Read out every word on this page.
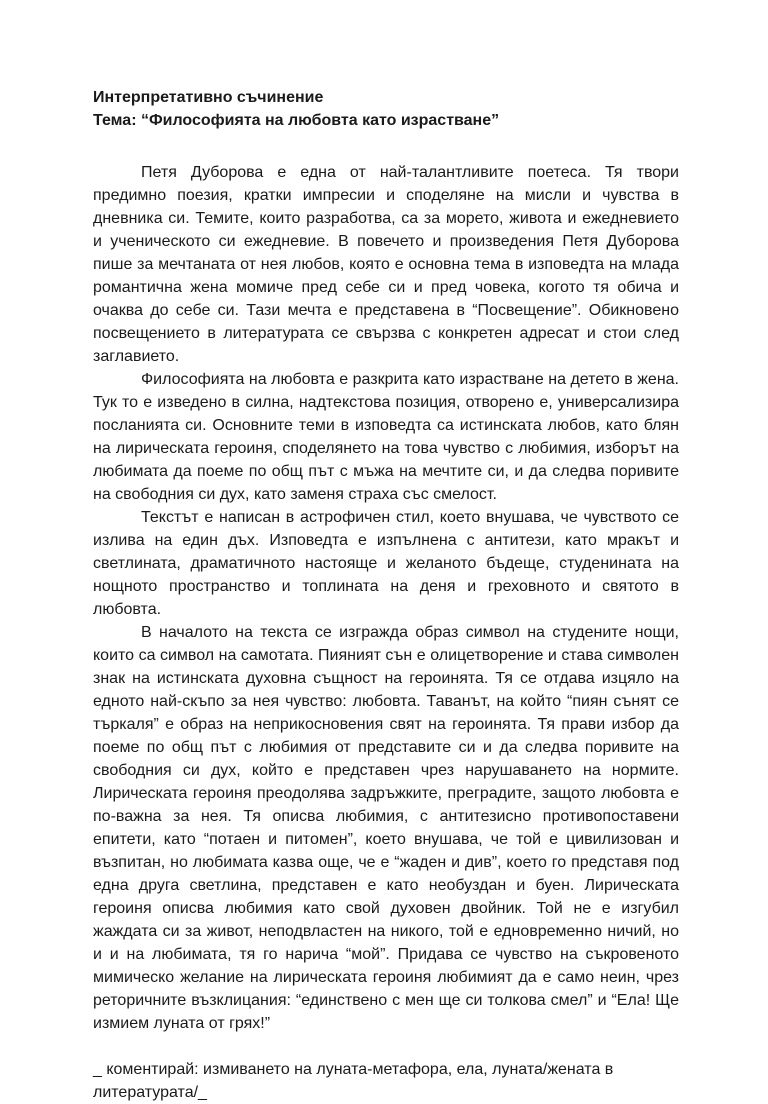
Интерпретативно съчинение

Тема: “Философията на любовта като израстване”

Петя Дуборова е една от най-талантливите поетеса. Тя твори предимно поезия, кратки импресии и споделяне на мисли и чувства в дневника си. Темите, които разработва, са за морето, живота и ежедневието и ученическото си ежедневие. В повечето и произведения Петя Дуборова пише за мечтаната от нея любов, която е основна тема в изповедта на млада романтична жена момиче пред себе си и пред човека, когото тя обича и очаква до себе си. Тази мечта е представена в “Посвещение”. Обикновено посвещението в литературата се свързва с конкретен адресат и стои след заглавието.

Философията на любовта е разкрита като израстване на детето в жена. Тук то е изведено в силна, надтекстова позиция, отворено е, универсализира посланията си. Основните теми в изповедта са истинската любов, като блян на лирическата героиня, споделянето на това чувство с любимия, изборът на любимата да поеме по общ път с мъжа на мечтите си, и да следва поривите на свободния си дух, като заменя страха със смелост.

Текстът е написан в астрофичен стил, което внушава, че чувството се излива на един дъх. Изповедта е изпълнена с антитези, като мракът и светлината, драматичното настояще и желаното бъдеще, студенината на нощното пространство и топлината на деня и греховното и святото в любовта.

В началото на текста се изгражда образ символ на студените нощи, които са символ на самотата. Пияният сън е олицетворение и става символен знак на истинската духовна същност на героинята. Тя се отдава изцяло на едното най-скъпо за нея чувство: любовта. Таванът, на който “пиян сънят се търкаля” е образ на неприкосновения свят на героинята. Тя прави избор да поеме по общ път с любимия от представите си и да следва поривите на свободния си дух, който е представен чрез нарушаването на нормите. Лирическата героиня преодолява задръжките, преградите, защото любовта е по-важна за нея. Тя описва любимия, с антитезисно противопоставени епитети, като “потаен и питомен”, което внушава, че той е цивилизован и възпитан, но любимата казва още, че е “жаден и див”, което го представя под една друга светлина, представен е като необуздан и буен. Лирическата героиня описва любимия като свой духовен двойник. Той не е изгубил жаждата си за живот, неподвластен на никого, той е едновременно ничий, но и и на любимата, тя го нарича “мой”. Придава се чувство на съкровеното мимическо желание на лирическата героиня любимият да е само неин, чрез реторичните възклицания: “единствено с мен ще си толкова смел” и “Ела! Ще измием луната от грях!”

_ коментирай: измиването на луната-метафора, ела, луната/жената в литературата/_
